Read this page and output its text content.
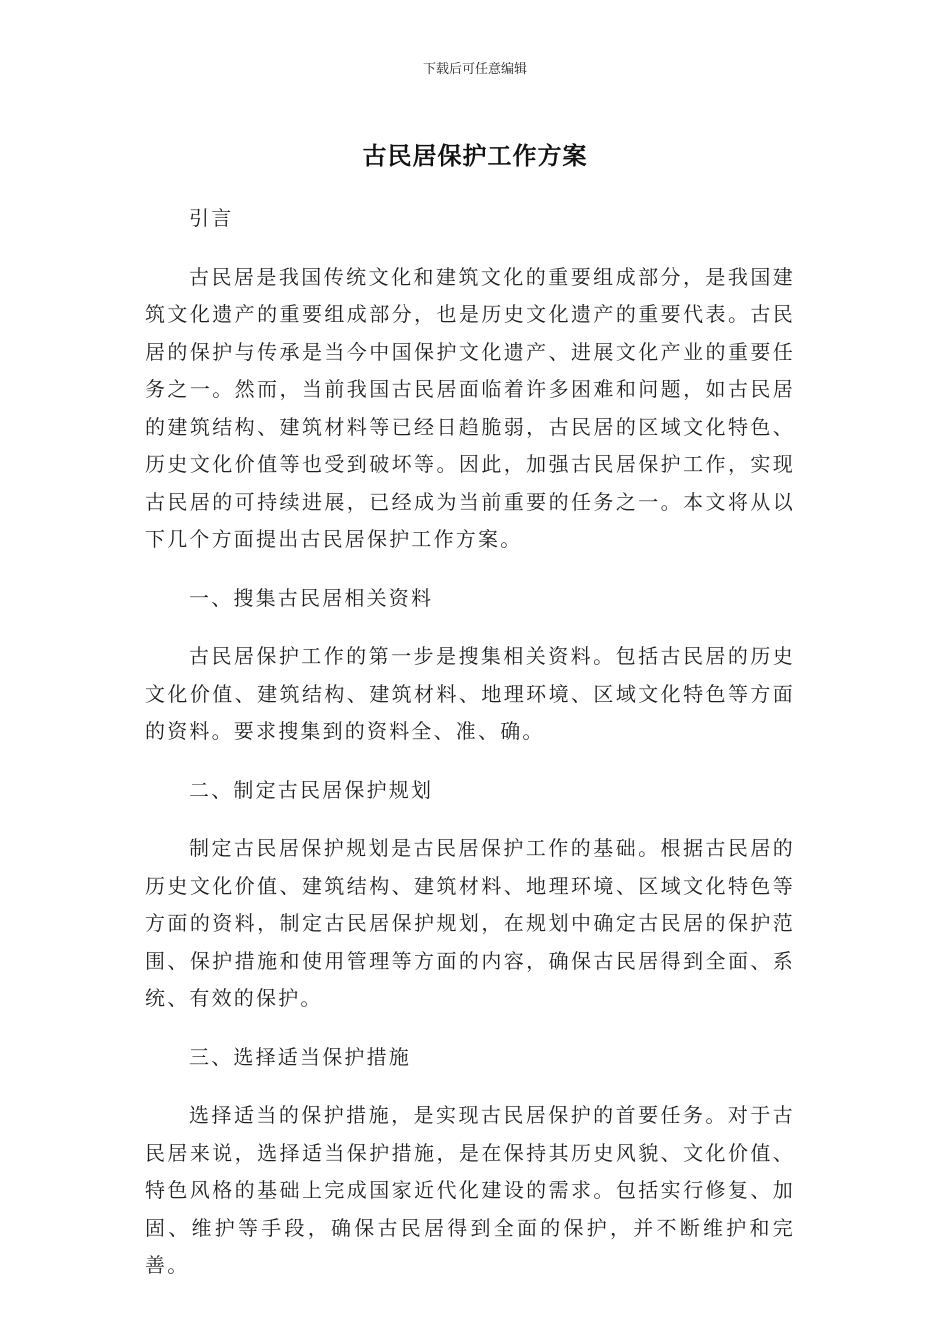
下载后可任意编辑
古民居保护工作方案

引言

古民居是我国传统文化和建筑文化的重要组成部分，是我国建筑文化遗产的重要组成部分，也是历史文化遗产的重要代表。古民居的保护与传承是当今中国保护文化遗产、进展文化产业的重要任务之一。然而，当前我国古民居面临着许多困难和问题，如古民居的建筑结构、建筑材料等已经日趋脆弱，古民居的区域文化特色、历史文化价值等也受到破坏等。因此，加强古民居保护工作，实现古民居的可持续进展，已经成为当前重要的任务之一。本文将从以下几个方面提出古民居保护工作方案。

一、搜集古民居相关资料

古民居保护工作的第一步是搜集相关资料。包括古民居的历史文化价值、建筑结构、建筑材料、地理环境、区域文化特色等方面的资料。要求搜集到的资料全、准、确。

二、制定古民居保护规划

制定古民居保护规划是古民居保护工作的基础。根据古民居的历史文化价值、建筑结构、建筑材料、地理环境、区域文化特色等方面的资料，制定古民居保护规划，在规划中确定古民居的保护范围、保护措施和使用管理等方面的内容，确保古民居得到全面、系统、有效的保护。

三、选择适当保护措施

选择适当的保护措施，是实现古民居保护的首要任务。对于古民居来说，选择适当保护措施，是在保持其历史风貌、文化价值、特色风格的基础上完成国家近代化建设的需求。包括实行修复、加固、维护等手段，确保古民居得到全面的保护，并不断维护和完善。
